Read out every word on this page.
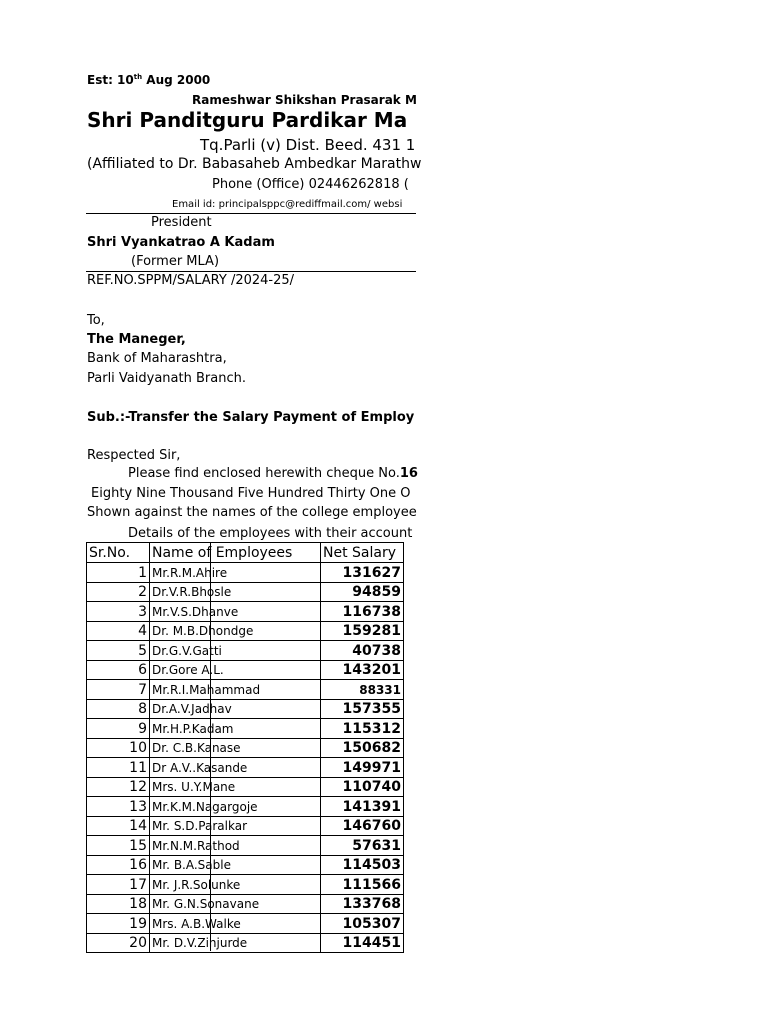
Est: 10th Aug 2000
Rameshwar Shikshan Prasarak M
Shri Panditguru Pardikar Ma
Tq.Parli (v) Dist. Beed. 431 1
(Affiliated to Dr. Babasaheb Ambedkar Marathw
Phone (Office) 02446262818 (
Email id: principalsppc@rediffmail.com/ websi
President
Shri Vyankatrao A Kadam
(Former MLA)
REF.NO.SPPM/SALARY /2024-25/
To,
The Maneger,
Bank of Maharashtra,
Parli Vaidyanath Branch.
Sub.:-Transfer the Salary Payment of Employ
Respected Sir,
Please find enclosed herewith cheque No.16
Eighty Nine Thousand Five Hundred Thirty One O
Shown against the names of the college employee
Details of the employees with their account
Sr.No.	Name of Employees	Net Salary
1	Mr.R.M.Ahire	131627
2	Dr.V.R.Bhosle	94859
3	Mr.V.S.Dhanve	116738
4	Dr. M.B.Dhondge	159281
5	Dr.G.V.Gatti	40738
6	Dr.Gore A.L.	143201
7	Mr.R.I.Mahammad	88331
8	Dr.A.V.Jadhav	157355
9	Mr.H.P.Kadam	115312
10	Dr. C.B.Kanase	150682
11	Dr A.V..Kasande	149971
12	Mrs. U.Y.Mane	110740
13	Mr.K.M.Nagargoje	141391
14	Mr. S.D.Paralkar	146760
15	Mr.N.M.Rathod	57631
16	Mr. B.A.Sable	114503
17	Mr. J.R.Solunke	111566
18	Mr. G.N.Sonavane	133768
19	Mrs. A.B.Walke	105307
20	Mr. D.V.Zinjurde	114451
